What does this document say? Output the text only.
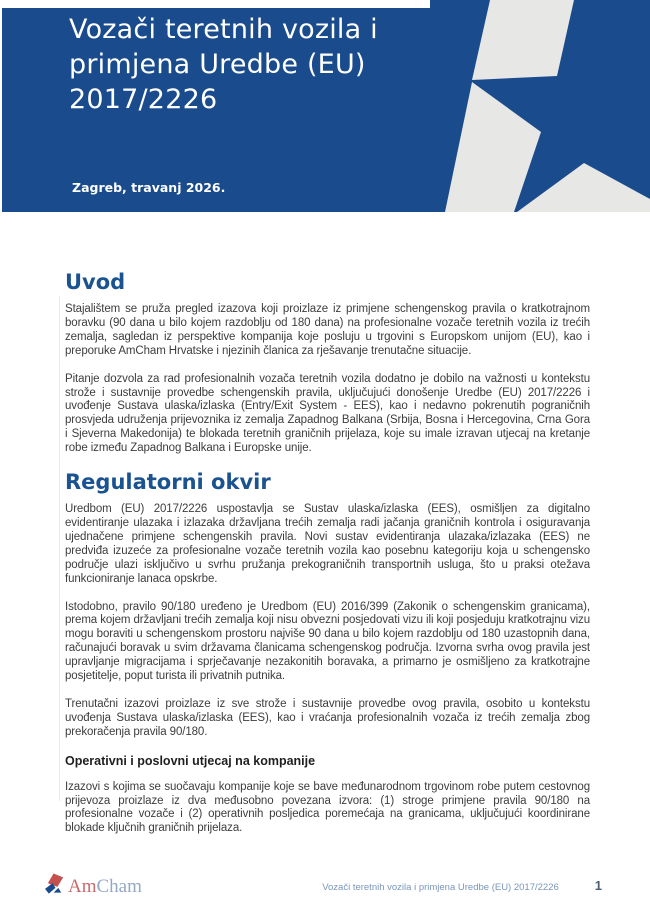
Vozači teretnih vozila i
primjena Uredbe (EU)
2017/2226
Zagreb, travanj 2026.
Uvod

Stajalištem se pruža pregled izazova koji proizlaze iz primjene schengenskog pravila o kratkotrajnom boravku (90 dana u bilo kojem razdoblju od 180 dana) na profesionalne vozače teretnih vozila iz trećih zemalja, sagledan iz perspektive kompanija koje posluju u trgovini s Europskom unijom (EU), kao i preporuke AmCham Hrvatske i njezinih članica za rješavanje trenutačne situacije.

Pitanje dozvola za rad profesionalnih vozača teretnih vozila dodatno je dobilo na važnosti u kontekstu strože i sustavnije provedbe schengenskih pravila, uključujući donošenje Uredbe (EU) 2017/2226 i uvođenje Sustava ulaska/izlaska (Entry/Exit System - EES), kao i nedavno pokrenutih pograničnih prosvjeda udruženja prijevoznika iz zemalja Zapadnog Balkana (Srbija, Bosna i Hercegovina, Crna Gora i Sjeverna Makedonija) te blokada teretnih graničnih prijelaza, koje su imale izravan utjecaj na kretanje robe između Zapadnog Balkana i Europske unije.

Regulatorni okvir

Uredbom (EU) 2017/2226 uspostavlja se Sustav ulaska/izlaska (EES), osmišljen za digitalno evidentiranje ulazaka i izlazaka državljana trećih zemalja radi jačanja graničnih kontrola i osiguravanja ujednačene primjene schengenskih pravila. Novi sustav evidentiranja ulazaka/izlazaka (EES) ne predviđa izuzeće za profesionalne vozače teretnih vozila kao posebnu kategoriju koja u schengensko područje ulazi isključivo u svrhu pružanja prekograničnih transportnih usluga, što u praksi otežava funkcioniranje lanaca opskrbe.

Istodobno, pravilo 90/180 uređeno je Uredbom (EU) 2016/399 (Zakonik o schengenskim granicama), prema kojem državljani trećih zemalja koji nisu obvezni posjedovati vizu ili koji posjeduju kratkotrajnu vizu mogu boraviti u schengenskom prostoru najviše 90 dana u bilo kojem razdoblju od 180 uzastopnih dana, računajući boravak u svim državama članicama schengenskog područja. Izvorna svrha ovog pravila jest upravljanje migracijama i sprječavanje nezakonitih boravaka, a primarno je osmišljeno za kratkotrajne posjetitelje, poput turista ili privatnih putnika.

Trenutačni izazovi proizlaze iz sve strože i sustavnije provedbe ovog pravila, osobito u kontekstu uvođenja Sustava ulaska/izlaska (EES), kao i vraćanja profesionalnih vozača iz trećih zemalja zbog prekoračenja pravila 90/180.

Operativni i poslovni utjecaj na kompanije

Izazovi s kojima se suočavaju kompanije koje se bave međunarodnom trgovinom robe putem cestovnog prijevoza proizlaze iz dva međusobno povezana izvora: (1) stroge primjene pravila 90/180 na profesionalne vozače i (2) operativnih posljedica poremećaja na granicama, uključujući koordinirane blokade ključnih graničnih prijelaza.

Am Cham	Vozači teretnih vozila i primjena Uredbe (EU) 2017/2226	1
